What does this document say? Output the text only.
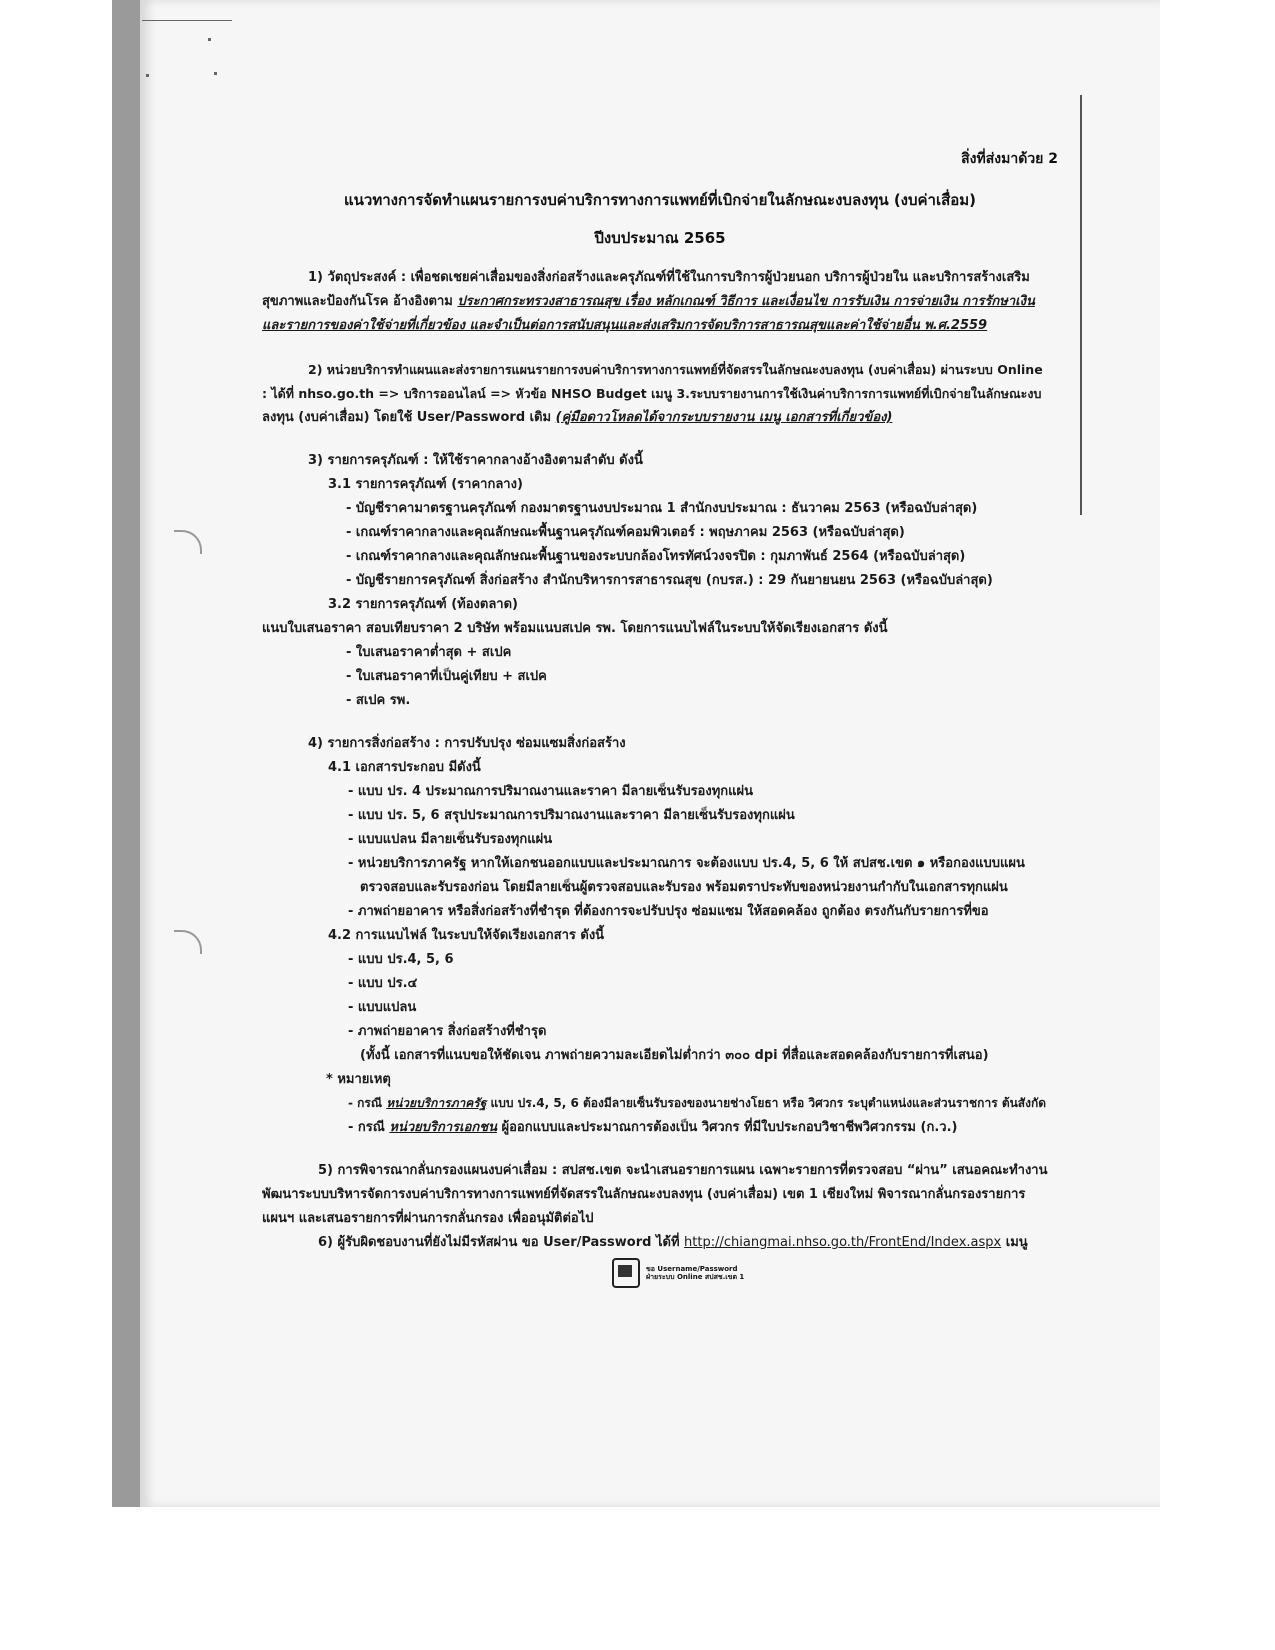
สิ่งที่ส่งมาด้วย 2
แนวทางการจัดทำแผนรายการงบค่าบริการทางการแพทย์ที่เบิกจ่ายในลักษณะงบลงทุน (งบค่าเสื่อม)
ปีงบประมาณ 2565
1) วัตถุประสงค์ : เพื่อชดเชยค่าเสื่อมของสิ่งก่อสร้างและครุภัณฑ์ที่ใช้ในการบริการผู้ป่วยนอก บริการผู้ป่วยใน และบริการสร้างเสริม
สุขภาพและป้องกันโรค อ้างอิงตาม ประกาศกระทรวงสาธารณสุข เรื่อง หลักเกณฑ์ วิธีการ และเงื่อนไข การรับเงิน การจ่ายเงิน การรักษาเงิน
และรายการของค่าใช้จ่ายที่เกี่ยวข้อง และจำเป็นต่อการสนับสนุนและส่งเสริมการจัดบริการสาธารณสุขและค่าใช้จ่ายอื่น พ.ศ.2559
2) หน่วยบริการทำแผนและส่งรายการแผนรายการงบค่าบริการทางการแพทย์ที่จัดสรรในลักษณะงบลงทุน (งบค่าเสื่อม) ผ่านระบบ Online
: ได้ที่ nhso.go.th => บริการออนไลน์ => หัวข้อ NHSO Budget เมนู 3.ระบบรายงานการใช้เงินค่าบริการการแพทย์ที่เบิกจ่ายในลักษณะงบ
ลงทุน (งบค่าเสื่อม) โดยใช้ User/Password เดิม (คู่มือดาวโหลดได้จากระบบรายงาน เมนู เอกสารที่เกี่ยวข้อง)
3) รายการครุภัณฑ์ : ให้ใช้ราคากลางอ้างอิงตามลำดับ ดังนี้
3.1 รายการครุภัณฑ์ (ราคากลาง)
- บัญชีราคามาตรฐานครุภัณฑ์ กองมาตรฐานงบประมาณ 1 สำนักงบประมาณ : ธันวาคม 2563 (หรือฉบับล่าสุด)
- เกณฑ์ราคากลางและคุณลักษณะพื้นฐานครุภัณฑ์คอมพิวเตอร์ : พฤษภาคม 2563 (หรือฉบับล่าสุด)
- เกณฑ์ราคากลางและคุณลักษณะพื้นฐานของระบบกล้องโทรทัศน์วงจรปิด : กุมภาพันธ์ 2564 (หรือฉบับล่าสุด)
- บัญชีรายการครุภัณฑ์ สิ่งก่อสร้าง สำนักบริหารการสาธารณสุข (กบรส.) : 29 กันยายนยน 2563 (หรือฉบับล่าสุด)
3.2 รายการครุภัณฑ์ (ท้องตลาด)
แนบใบเสนอราคา สอบเทียบราคา 2 บริษัท พร้อมแนบสเปค รพ. โดยการแนบไฟล์ในระบบให้จัดเรียงเอกสาร ดังนี้
- ใบเสนอราคาต่ำสุด + สเปค
- ใบเสนอราคาที่เป็นคู่เทียบ + สเปค
- สเปค รพ.
4) รายการสิ่งก่อสร้าง : การปรับปรุง ซ่อมแซมสิ่งก่อสร้าง
4.1 เอกสารประกอบ มีดังนี้
- แบบ ปร. 4 ประมาณการปริมาณงานและราคา มีลายเซ็นรับรองทุกแผ่น
- แบบ ปร. 5, 6 สรุปประมาณการปริมาณงานและราคา มีลายเซ็นรับรองทุกแผ่น
- แบบแปลน มีลายเซ็นรับรองทุกแผ่น
- หน่วยบริการภาครัฐ หากให้เอกชนออกแบบและประมาณการ จะต้องแบบ ปร.4, 5, 6 ให้ สปสช.เขต ๑ หรือกองแบบแผน
ตรวจสอบและรับรองก่อน โดยมีลายเซ็นผู้ตรวจสอบและรับรอง พร้อมตราประทับของหน่วยงานกำกับในเอกสารทุกแผ่น
- ภาพถ่ายอาคาร หรือสิ่งก่อสร้างที่ชำรุด ที่ต้องการจะปรับปรุง ซ่อมแซม ให้สอดคล้อง ถูกต้อง ตรงกันกับรายการที่ขอ
4.2 การแนบไฟล์ ในระบบให้จัดเรียงเอกสาร ดังนี้
- แบบ ปร.4, 5, 6
- แบบ ปร.๔
- แบบแปลน
- ภาพถ่ายอาคาร สิ่งก่อสร้างที่ชำรุด
(ทั้งนี้ เอกสารที่แนบขอให้ชัดเจน ภาพถ่ายความละเอียดไม่ต่ำกว่า ๓๐๐ dpi ที่สื่อและสอดคล้องกับรายการที่เสนอ)
* หมายเหตุ
- กรณี หน่วยบริการภาครัฐ แบบ ปร.4, 5, 6 ต้องมีลายเซ็นรับรองของนายช่างโยธา หรือ วิศวกร ระบุตำแหน่งและส่วนราชการ ต้นสังกัด
- กรณี หน่วยบริการเอกชน ผู้ออกแบบและประมาณการต้องเป็น วิศวกร ที่มีใบประกอบวิชาชีพวิศวกรรม (ก.ว.)
5) การพิจารณากลั่นกรองแผนงบค่าเสื่อม : สปสช.เขต จะนำเสนอรายการแผน เฉพาะรายการที่ตรวจสอบ “ผ่าน” เสนอคณะทำงาน
พัฒนาระบบบริหารจัดการงบค่าบริการทางการแพทย์ที่จัดสรรในลักษณะงบลงทุน (งบค่าเสื่อม) เขต 1 เชียงใหม่ พิจารณากลั่นกรองรายการ
แผนฯ และเสนอรายการที่ผ่านการกลั่นกรอง เพื่ออนุมัติต่อไป
6) ผู้รับผิดชอบงานที่ยังไม่มีรหัสผ่าน ขอ User/Password ได้ที่ http://chiangmai.nhso.go.th/FrontEnd/Index.aspx เมนู
ขอ Username/Password
ฝ่ายระบบ Online สปสช.เขต 1
